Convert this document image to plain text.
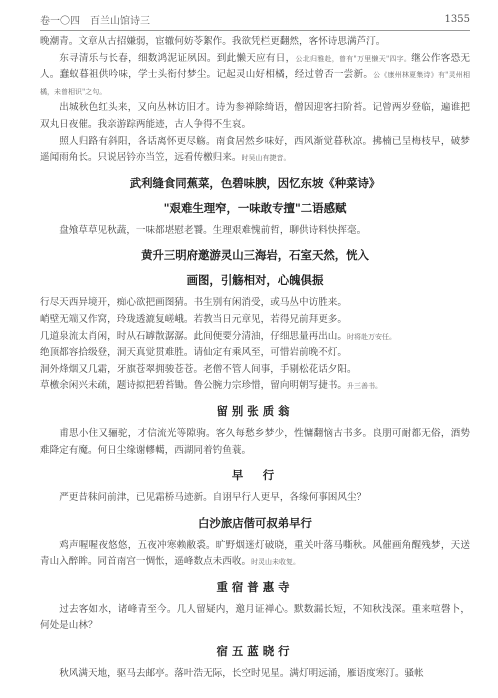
卷一〇四　百兰山馆诗三	1355

晚潮青。文章从古招嫌弱，宦辙何妨苓絮作。我欲凭栏更翻然，客怀诗思满芦汀。

东寻清乐与长春，细数鸿泥证夙因。到此懒天应有日，公北归雅赴，曾有"万里懒天"四字。继公作客恐无人。蠢蚁暮祖供吟味，学士头衔付梦尘。记起灵山好相橘，经过曾否一尝新。公《康州林夏集诗》有"灵州相橘，未曾相识"之句。

出城秋色红头来，又向丛林访旧才。诗为参禅除绮语，僧因迎客扫阶苔。记曾两岁登临，遍谁把双丸日夜催。我亲游踪两能迹，古人争得不生哀。

照人归路有斜阳，各话离怀更尽觞。南食居然乡味好，西风渐觉暮秋凉。拂楠已呈梅枝早，破梦遥闻雨角长。只说居钤亦当笠，远看传檄归来。时吴山有捷音。

武利缝食同蕉菜，色碧味腴，因忆东坡《种菜诗》
"艰难生理窄，一味敢专擅"二语感赋

盘飧草草见秋蔬，一味都堪慰老饕。生理艰难愧前哲，聊供诗料快挥毫。

黄升三明府邀游灵山三海岩，石室天然，恍入
画图，引觞相对，心魄俱振

行尽天西异境开，痴心欲把画图猜。书生别有闲消受，或马丛中访胜来。

峭壁无端又作窝，玲珑透漉复嵯峨。若教当日元章见，若得兄前拜更多。

几道泉流太肖闲，时从石罅散潺潺。此间便要分清油，仔细思量再出山。时将赴万安任。

绝顶都容拾级登，洞天真觉贯难胜。请仙定有乘风至，可惜岩前晚不灯。

洞外烽烟又几霜，牙旗苍翠拥骏苍苍。老僧不管人间事，手剔松花话夕阳。

草檄余闲兴未疏，题诗拟把碧苔锄。鲁公腕力宗珍惜，留向明朝写捷书。升三善书。

留别张质翁

甫思小住又骊驼，才信流光等隙驹。客久每愁乡梦少，性慵翻恼古书多。良朋可耐都无俗，酒势难降定有魔。何日尘缘谢轇轕，西湖同着钓鱼蓑。

早　行

严更昔秣问前津，已见霜桥马迹新。自诩早行人更早，各缘何事困风尘？

白沙旅店偕可叔弟早行

鸡声喔喔夜悠悠，五夜冲寒赖敝裘。旷野烟迷灯破晓，重关叶落马嘶秋。风催画角醒残梦，天送青山入醉眸。同首南宫一惆怅，遥峰数点未西收。时灵山未收复。

重宿普惠寺

过去客如水，诸峰青至今。几人留疑内，邀月证禅心。默数漏长短，不知秋浅深。重来喧磬卜，何处是山林？

宿五蓝晓行

秋风满天地，驱马去邮亭。落叶浩无际，长空时见星。满灯明远涌，雁语度寒汀。骚帐
